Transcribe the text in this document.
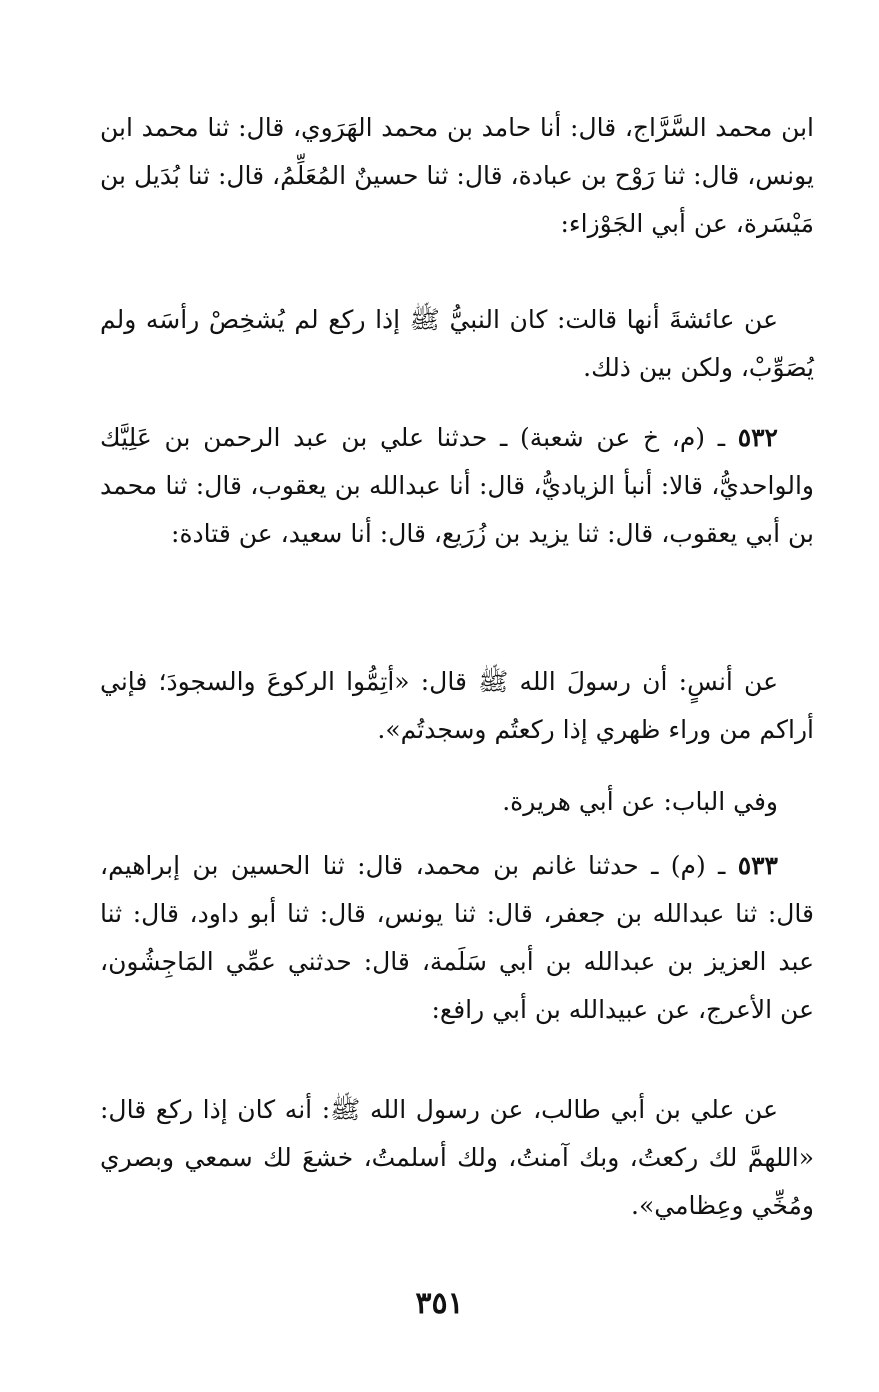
ابن محمد السَّرَّاج، قال: أنا حامد بن محمد الهَرَوي، قال: ثنا محمد ابن يونس، قال: ثنا رَوْح بن عبادة، قال: ثنا حسينٌ المُعَلِّمُ، قال: ثنا بُدَيل بن مَيْسَرة، عن أبي الجَوْزاء:

عن عائشةَ أنها قالت: كان النبيُّ ﷺ إذا ركع لم يُشخِصْ رأسَه ولم يُصَوِّبْ، ولكن بين ذلك.

٥٣٢ ـ (م، خ عن شعبة) ـ حدثنا علي بن عبد الرحمن بن عَلِيَّك والواحديُّ، قالا: أنبأ الزياديُّ، قال: أنا عبدالله بن يعقوب، قال: ثنا محمد بن أبي يعقوب، قال: ثنا يزيد بن زُرَيع، قال: أنا سعيد، عن قتادة:

عن أنسٍ: أن رسولَ الله ﷺ قال: «أتِمُّوا الركوعَ والسجودَ؛ فإني أراكم من وراء ظهري إذا ركعتُم وسجدتُم».

وفي الباب: عن أبي هريرة.

٥٣٣ ـ (م) ـ حدثنا غانم بن محمد، قال: ثنا الحسين بن إبراهيم، قال: ثنا عبدالله بن جعفر، قال: ثنا يونس، قال: ثنا أبو داود، قال: ثنا عبد العزيز بن عبدالله بن أبي سَلَمة، قال: حدثني عمِّي المَاجِشُون، عن الأعرج، عن عبيدالله بن أبي رافع:

عن علي بن أبي طالب، عن رسول الله ﷺ: أنه كان إذا ركع قال: «اللهمَّ لك ركعتُ، وبك آمنتُ، ولك أسلمتُ، خشعَ لك سمعي وبصري ومُخِّي وعِظامي».

٣٥١
